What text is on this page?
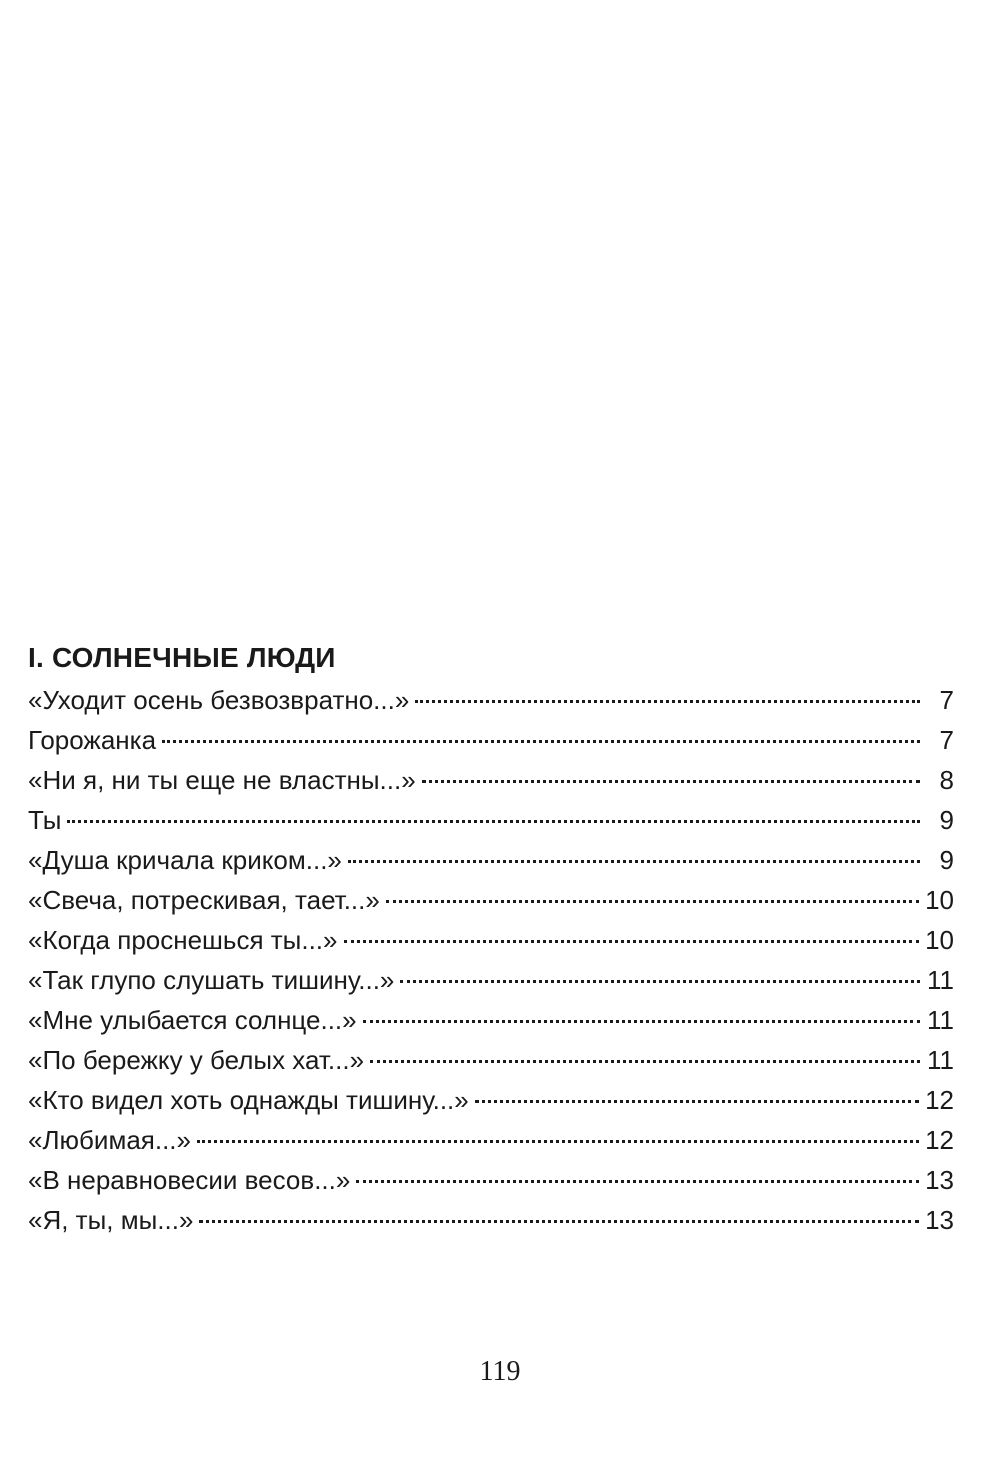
I. СОЛНЕЧНЫЕ ЛЮДИ
«Уходит осень безвозвратно...»	7
Горожанка	7
«Ни я, ни ты еще не властны...»	8
Ты	9
«Душа кричала криком...»	9
«Свеча, потрескивая, тает...»	10
«Когда проснешься ты...»	10
«Так глупо слушать тишину...»	11
«Мне улыбается солнце...»	11
«По бережку у белых хат...»	11
«Кто видел хоть однажды тишину...»	12
«Любимая...»	12
«В неравновесии весов...»	13
«Я, ты, мы...»	13
119
